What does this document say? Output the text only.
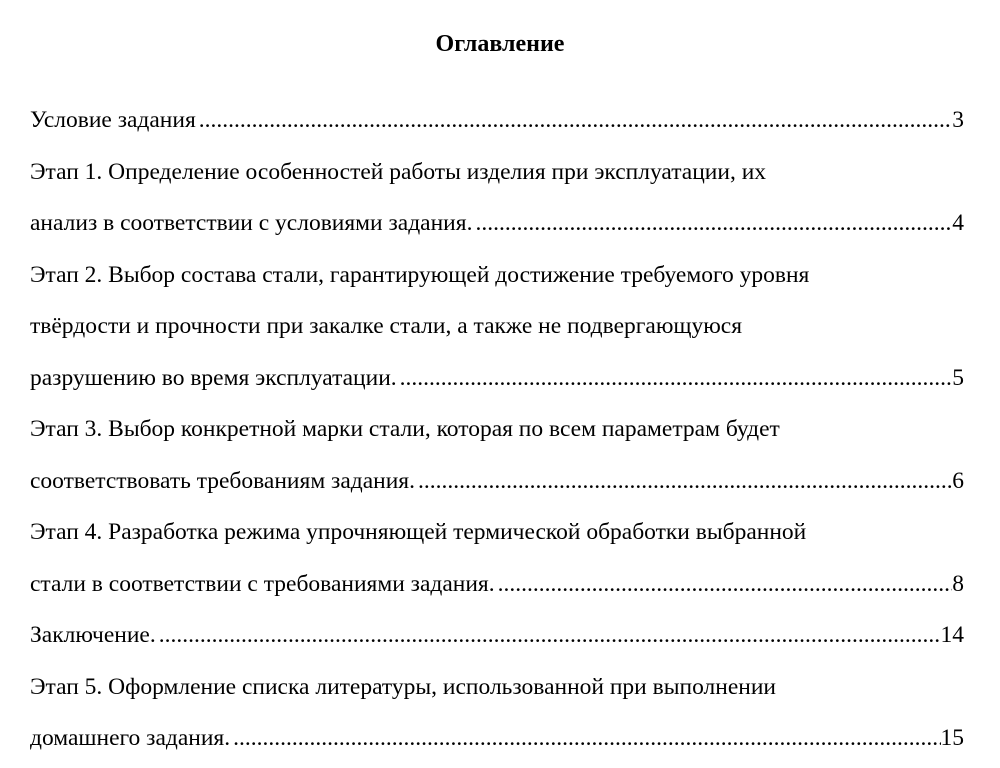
Оглавление
Условие задания .....	3
Этап 1. Определение особенностей работы изделия при эксплуатации, их
анализ в соответствии с условиями задания. .....	4
Этап 2. Выбор состава стали, гарантирующей достижение требуемого уровня
твёрдости и прочности при закалке стали, а также не подвергающуюся
разрушению во время эксплуатации. .....	5
Этап 3. Выбор конкретной марки стали, которая по всем параметрам будет
соответствовать требованиям задания. .....	6
Этап 4. Разработка режима упрочняющей термической обработки выбранной
стали в соответствии с требованиями задания. .....	8
Заключение. .....	14
Этап 5. Оформление списка литературы, использованной при выполнении
домашнего задания. .....	15
